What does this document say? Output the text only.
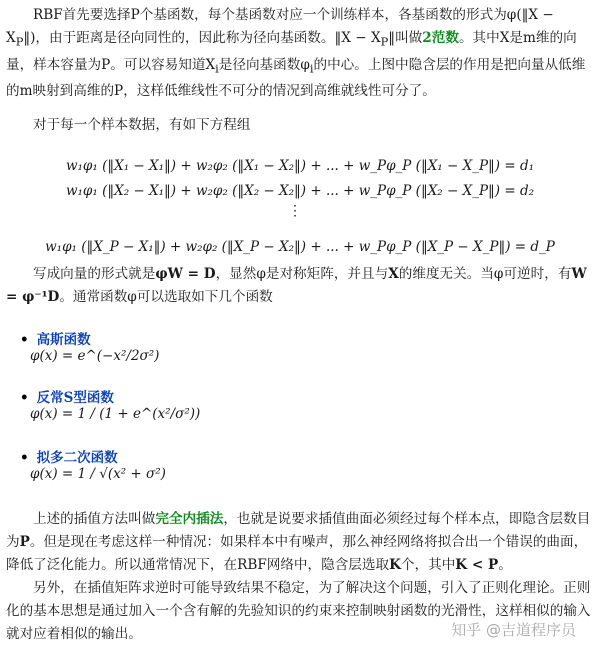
RBF首先要选择P个基函数，每个基函数对应一个训练样本，各基函数的形式为φ(‖X − $X_P‖$)，由于距离是径向同性的，因此称为径向基函数。‖X − $X_P‖$叫做2范数。其中X是m维的向量，样本容量为P。可以容易知道$X_i$是径向基函数$\varphi_i$的中心。上图中隐含层的作用是把向量从低维的m映射到高维的P，这样低维线性不可分的情况到高维就线性可分了。

对于每一个样本数据，有如下方程组

w₁φ₁ (‖X₁ − X₁‖) + w₂φ₂ (‖X₁ − X₂‖) + ... + w_Pφ_P (‖X₁ − X_P‖) = d₁
w₁φ₁ (‖X₂ − X₁‖) + w₂φ₂ (‖X₂ − X₂‖) + ... + w_Pφ_P (‖X₂ − X_P‖) = d₂
⋮
w₁φ₁ (‖X_P − X₁‖) + w₂φ₂ (‖X_P − X₂‖) + ... + w_Pφ_P (‖X_P − X_P‖) = d_P

写成向量的形式就是φW = D，显然φ是对称矩阵，并且与X的维度无关。当φ可逆时，有W = φ⁻¹D。通常函数φ可以选取如下几个函数

• 高斯函数
φ(x) = e^(−x²/2σ²)
• 反常S型函数
φ(x) = 1 / (1 + e^(x²/σ²))
• 拟多二次函数
φ(x) = 1 / √(x² + σ²)

上述的插值方法叫做完全内插法，也就是说要求插值曲面必须经过每个样本点，即隐含层数目为P。但是现在考虑这样一种情况：如果样本中有噪声，那么神经网络将拟合出一个错误的曲面，降低了泛化能力。所以通常情况下，在RBF网络中，隐含层选取K个，其中K < P。

另外，在插值矩阵求逆时可能导致结果不稳定，为了解决这个问题，引入了正则化理论。正则化的基本思想是通过加入一个含有解的先验知识的约束来控制映射函数的光滑性，这样相似的输入就对应着相似的输出。	知乎 @吉道程序员
